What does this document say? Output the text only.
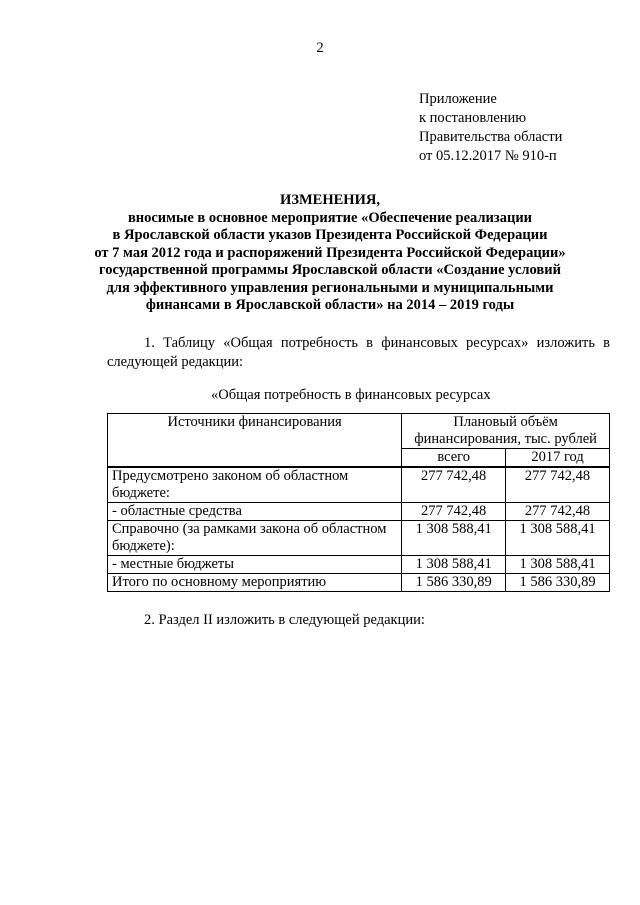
2
Приложение
к постановлению
Правительства области
от 05.12.2017 № 910-п
ИЗМЕНЕНИЯ,
вносимые в основное мероприятие «Обеспечение реализации
в Ярославской области указов Президента Российской Федерации
от 7 мая 2012 года и распоряжений Президента Российской Федерации»
государственной программы Ярославской области «Создание условий
для эффективного управления региональными и муниципальными
финансами в Ярославской области» на 2014 – 2019 годы
1. Таблицу «Общая потребность в финансовых ресурсах» изложить в следующей редакции:
«Общая потребность в финансовых ресурсах
Источники финансирования	Плановый объём финансирования, тыс. рублей	
	всего	2017 год
Предусмотрено законом об областном бюджете:	277 742,48	277 742,48
- областные средства	277 742,48	277 742,48
Справочно (за рамками закона об областном бюджете):	1 308 588,41	1 308 588,41
- местные бюджеты	1 308 588,41	1 308 588,41
Итого по основному мероприятию	1 586 330,89	1 586 330,89
2. Раздел II изложить в следующей редакции:
